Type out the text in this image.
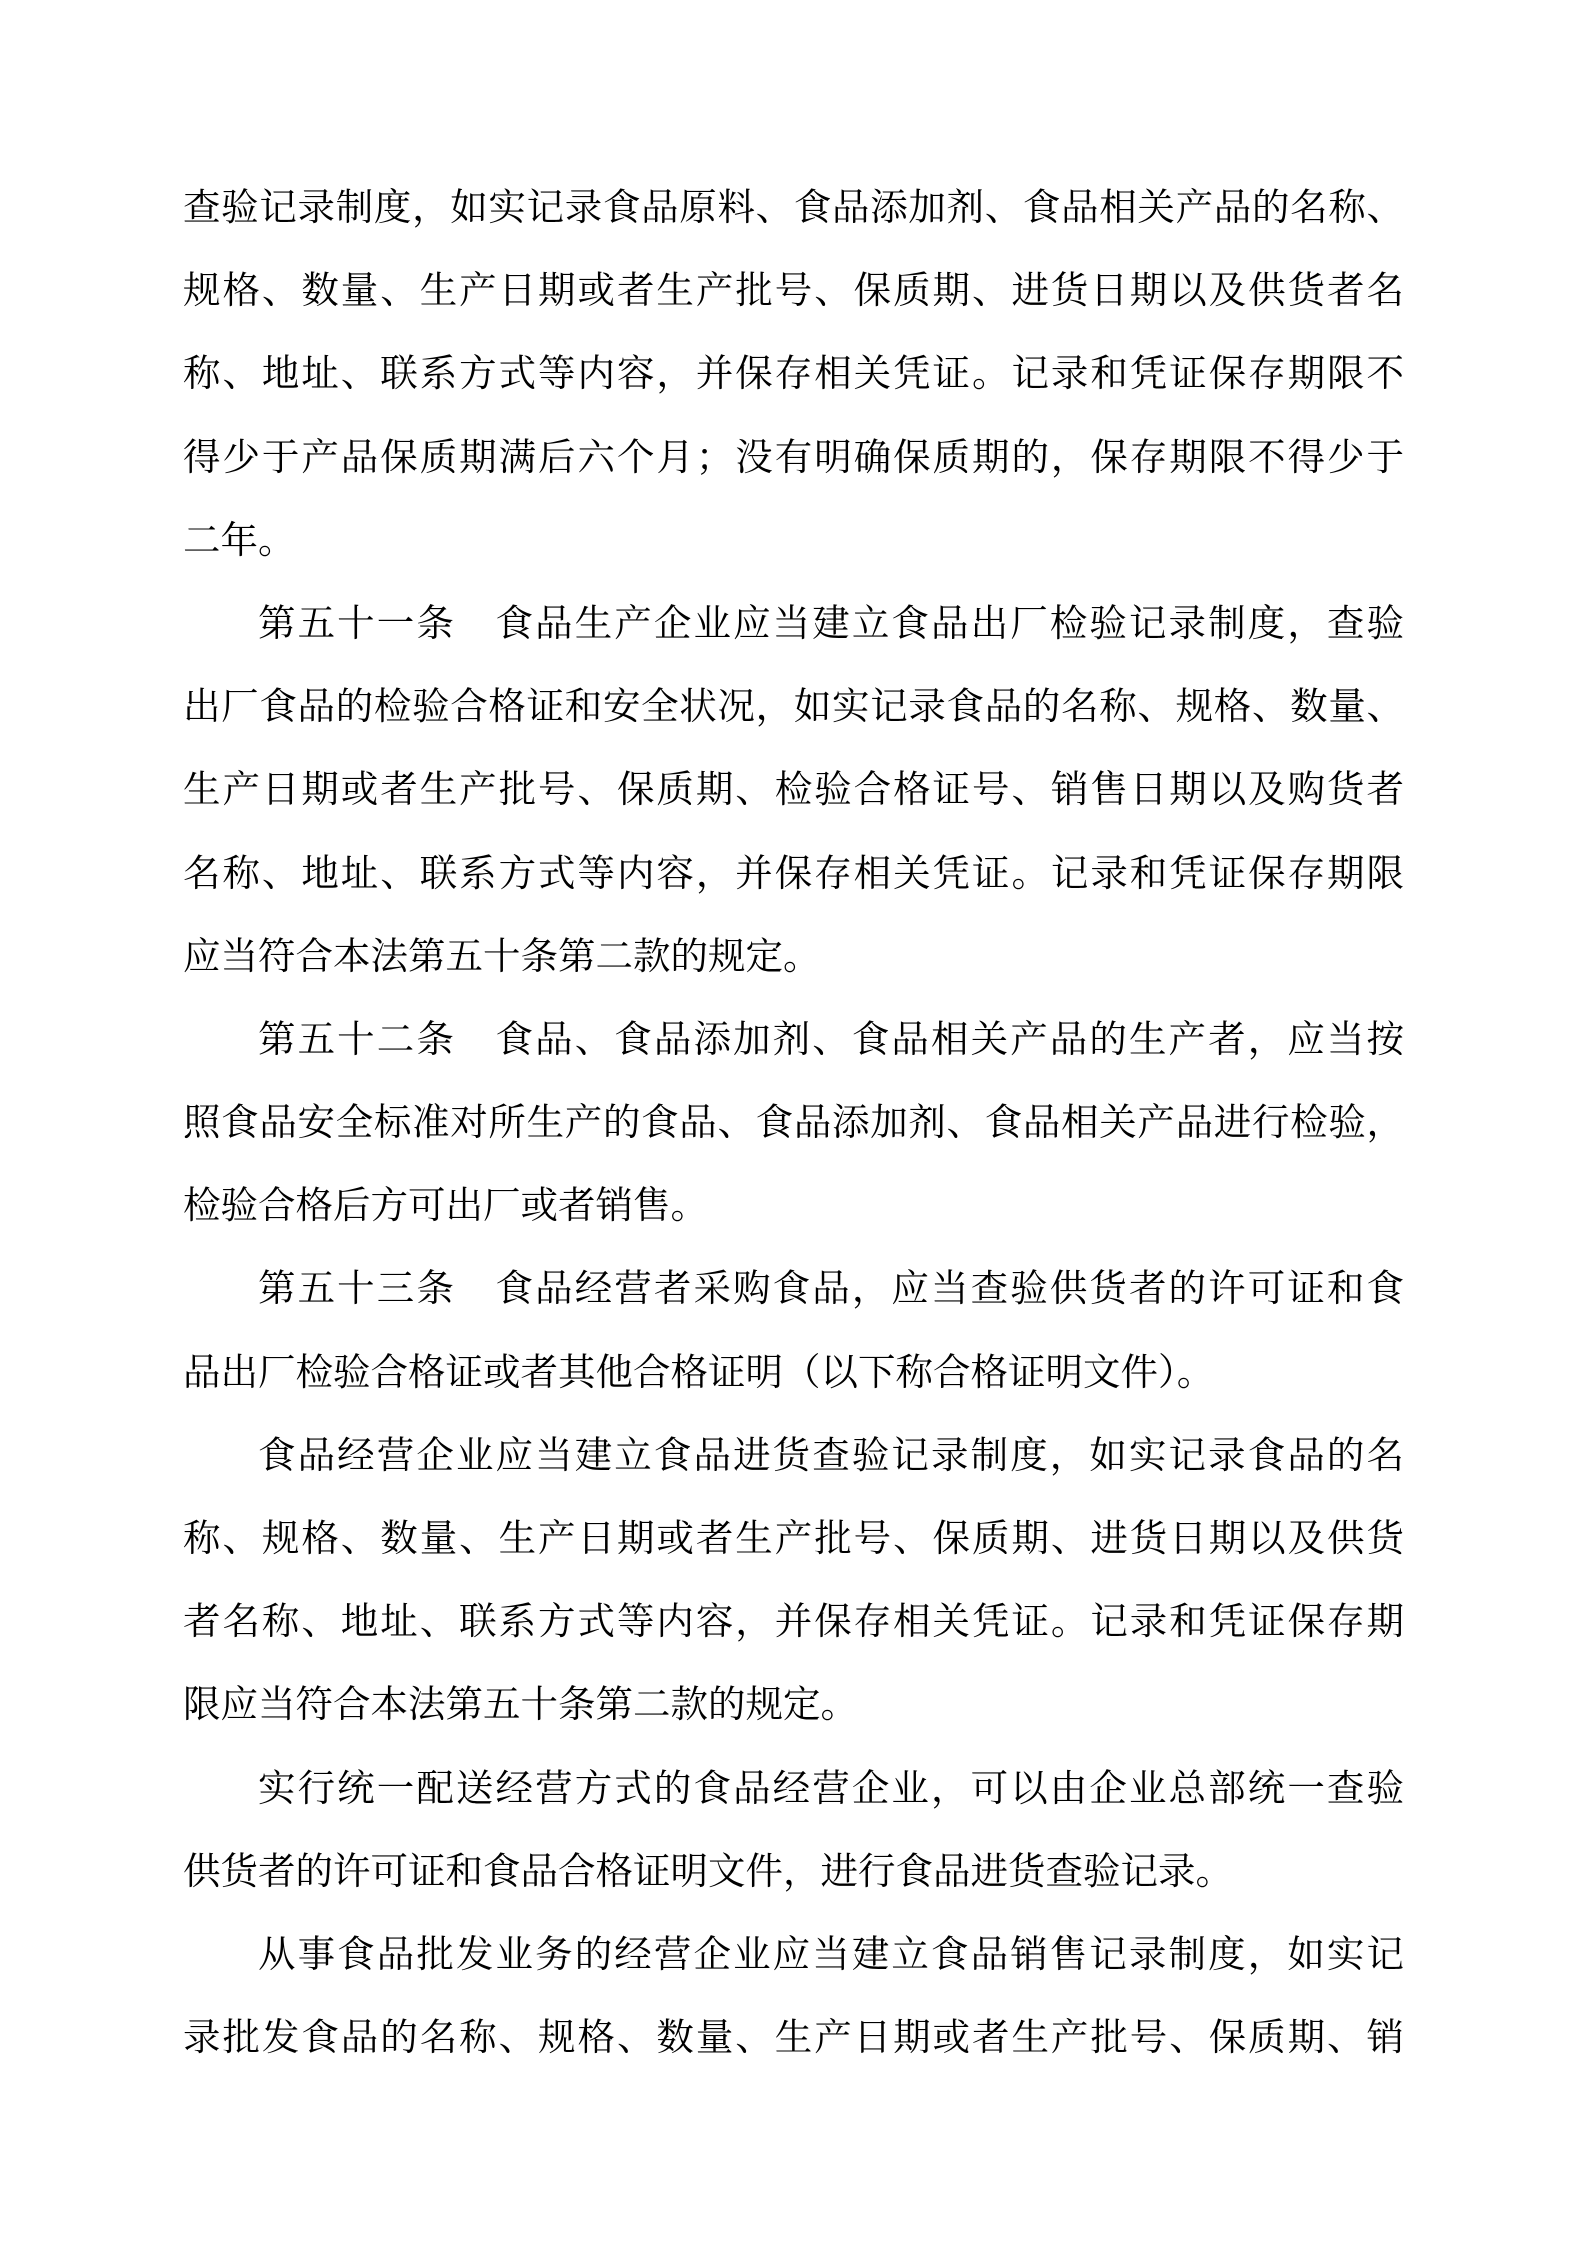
查验记录制度，如实记录食品原料、食品添加剂、食品相关产品的名称、
规格、数量、生产日期或者生产批号、保质期、进货日期以及供货者名
称、地址、联系方式等内容，并保存相关凭证。记录和凭证保存期限不
得少于产品保质期满后六个月；没有明确保质期的，保存期限不得少于
二年。
第五十一条　食品生产企业应当建立食品出厂检验记录制度，查验
出厂食品的检验合格证和安全状况，如实记录食品的名称、规格、数量、
生产日期或者生产批号、保质期、检验合格证号、销售日期以及购货者
名称、地址、联系方式等内容，并保存相关凭证。记录和凭证保存期限
应当符合本法第五十条第二款的规定。
第五十二条　食品、食品添加剂、食品相关产品的生产者，应当按
照食品安全标准对所生产的食品、食品添加剂、食品相关产品进行检验，
检验合格后方可出厂或者销售。
第五十三条　食品经营者采购食品，应当查验供货者的许可证和食
品出厂检验合格证或者其他合格证明（以下称合格证明文件）。
食品经营企业应当建立食品进货查验记录制度，如实记录食品的名
称、规格、数量、生产日期或者生产批号、保质期、进货日期以及供货
者名称、地址、联系方式等内容，并保存相关凭证。记录和凭证保存期
限应当符合本法第五十条第二款的规定。
实行统一配送经营方式的食品经营企业，可以由企业总部统一查验
供货者的许可证和食品合格证明文件，进行食品进货查验记录。
从事食品批发业务的经营企业应当建立食品销售记录制度，如实记
录批发食品的名称、规格、数量、生产日期或者生产批号、保质期、销
